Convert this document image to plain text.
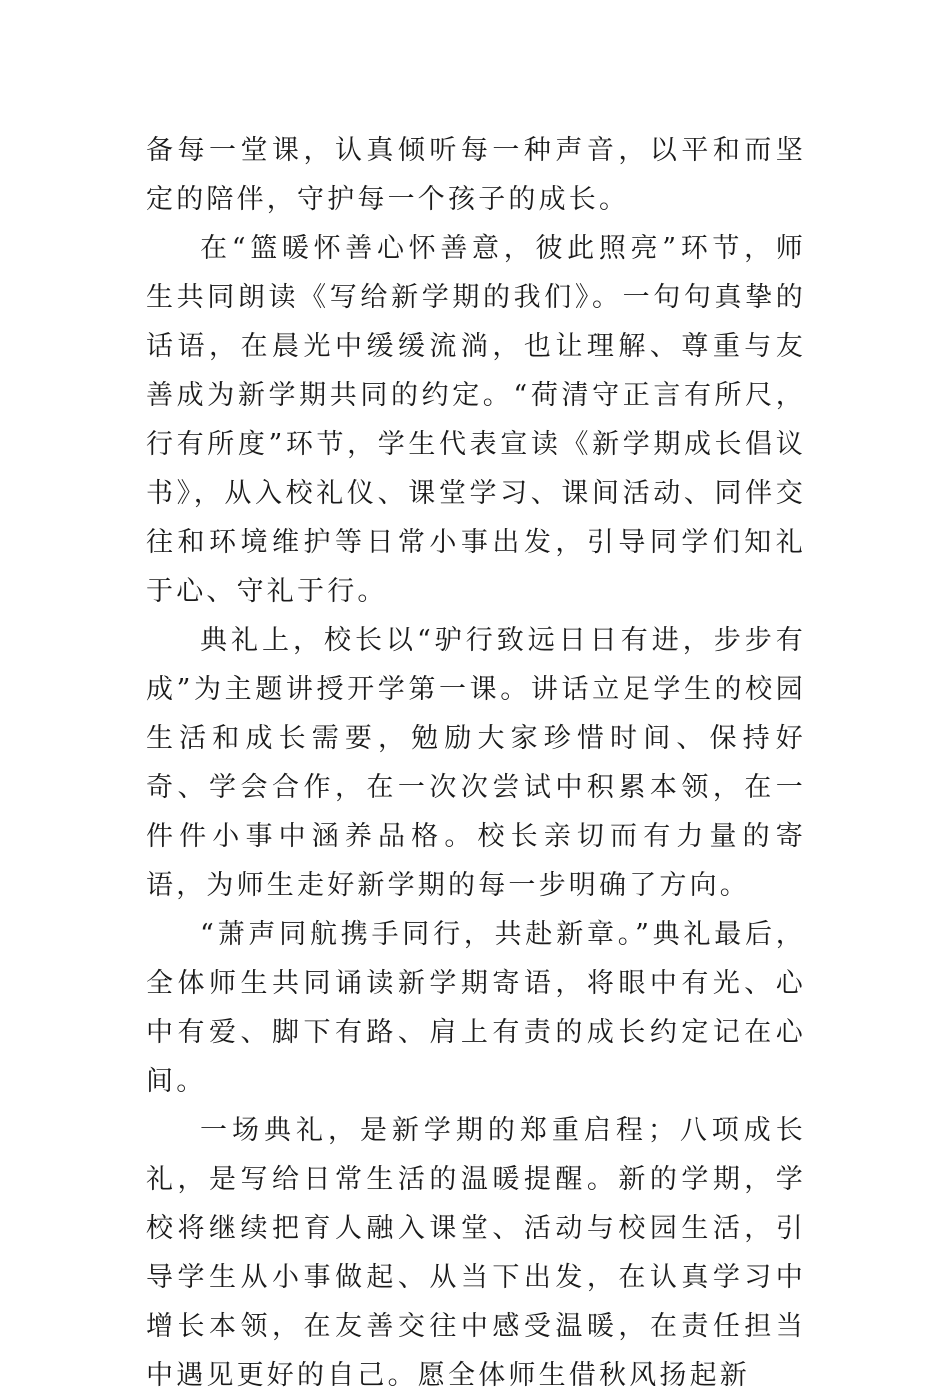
备每一堂课，认真倾听每一种声音，以平和而坚定的陪伴，守护每一个孩子的成长。

在“篮暖怀善心怀善意，彼此照亮”环节，师生共同朗读《写给新学期的我们》。一句句真挚的话语，在晨光中缓缓流淌，也让理解、尊重与友善成为新学期共同的约定。“荷清守正言有所尺，行有所度”环节，学生代表宣读《新学期成长倡议书》，从入校礼仪、课堂学习、课间活动、同伴交往和环境维护等日常小事出发，引导同学们知礼于心、守礼于行。

典礼上，校长以“驴行致远日日有进，步步有成”为主题讲授开学第一课。讲话立足学生的校园生活和成长需要，勉励大家珍惜时间、保持好奇、学会合作，在一次次尝试中积累本领，在一件件小事中涵养品格。校长亲切而有力量的寄语，为师生走好新学期的每一步明确了方向。

“萧声同航携手同行，共赴新章。”典礼最后，全体师生共同诵读新学期寄语，将眼中有光、心中有爱、脚下有路、肩上有责的成长约定记在心间。

一场典礼，是新学期的郑重启程；八项成长礼，是写给日常生活的温暖提醒。新的学期，学校将继续把育人融入课堂、活动与校园生活，引导学生从小事做起、从当下出发，在认真学习中增长本领，在友善交往中感受温暖，在责任担当中遇见更好的自己。愿全体师生借秋风扬起新
